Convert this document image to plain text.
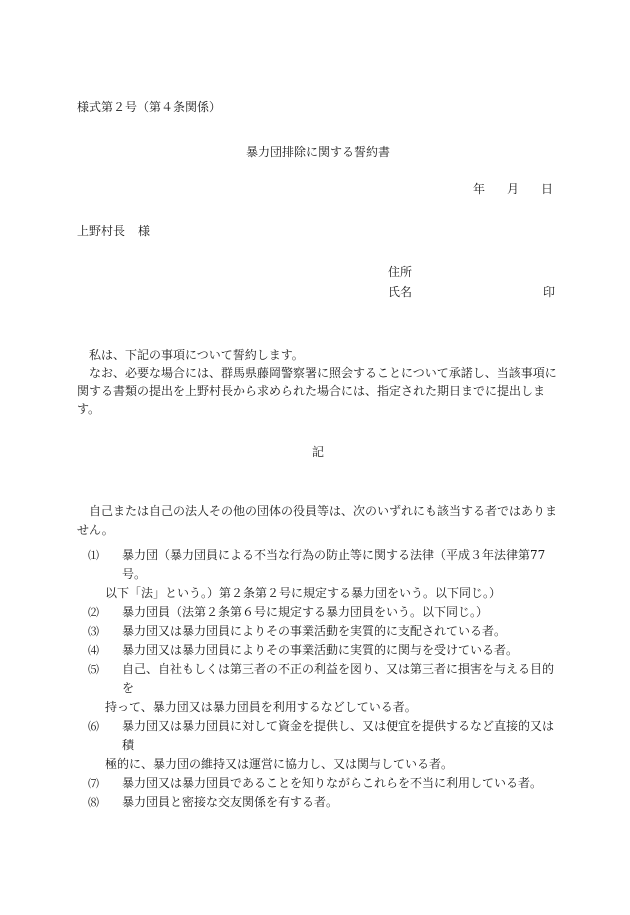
様式第２号（第４条関係）
暴力団排除に関する誓約書
年 月 日
上野村長 様
住所
氏名	印
私は、下記の事項について誓約します。
なお、必要な場合には、群馬県藤岡警察署に照会することについて承諾し、当該事項に関する書類の提出を上野村長から求められた場合には、指定された期日までに提出します。
記
自己または自己の法人その他の団体の役員等は、次のいずれにも該当する者ではありません。
⑴	暴力団（暴力団員による不当な行為の防止等に関する法律（平成３年法律第77号。
以下「法」という。）第２条第２号に規定する暴力団をいう。以下同じ。）
⑵	暴力団員（法第２条第６号に規定する暴力団員をいう。以下同じ。）
⑶	暴力団又は暴力団員によりその事業活動を実質的に支配されている者。
⑷	暴力団又は暴力団員によりその事業活動に実質的に関与を受けている者。
⑸	自己、自社もしくは第三者の不正の利益を図り、又は第三者に損害を与える目的を
持って、暴力団又は暴力団員を利用するなどしている者。
⑹	暴力団又は暴力団員に対して資金を提供し、又は便宜を提供するなど直接的又は積
極的に、暴力団の維持又は運営に協力し、又は関与している者。
⑺	暴力団又は暴力団員であることを知りながらこれらを不当に利用している者。
⑻	暴力団員と密接な交友関係を有する者。
